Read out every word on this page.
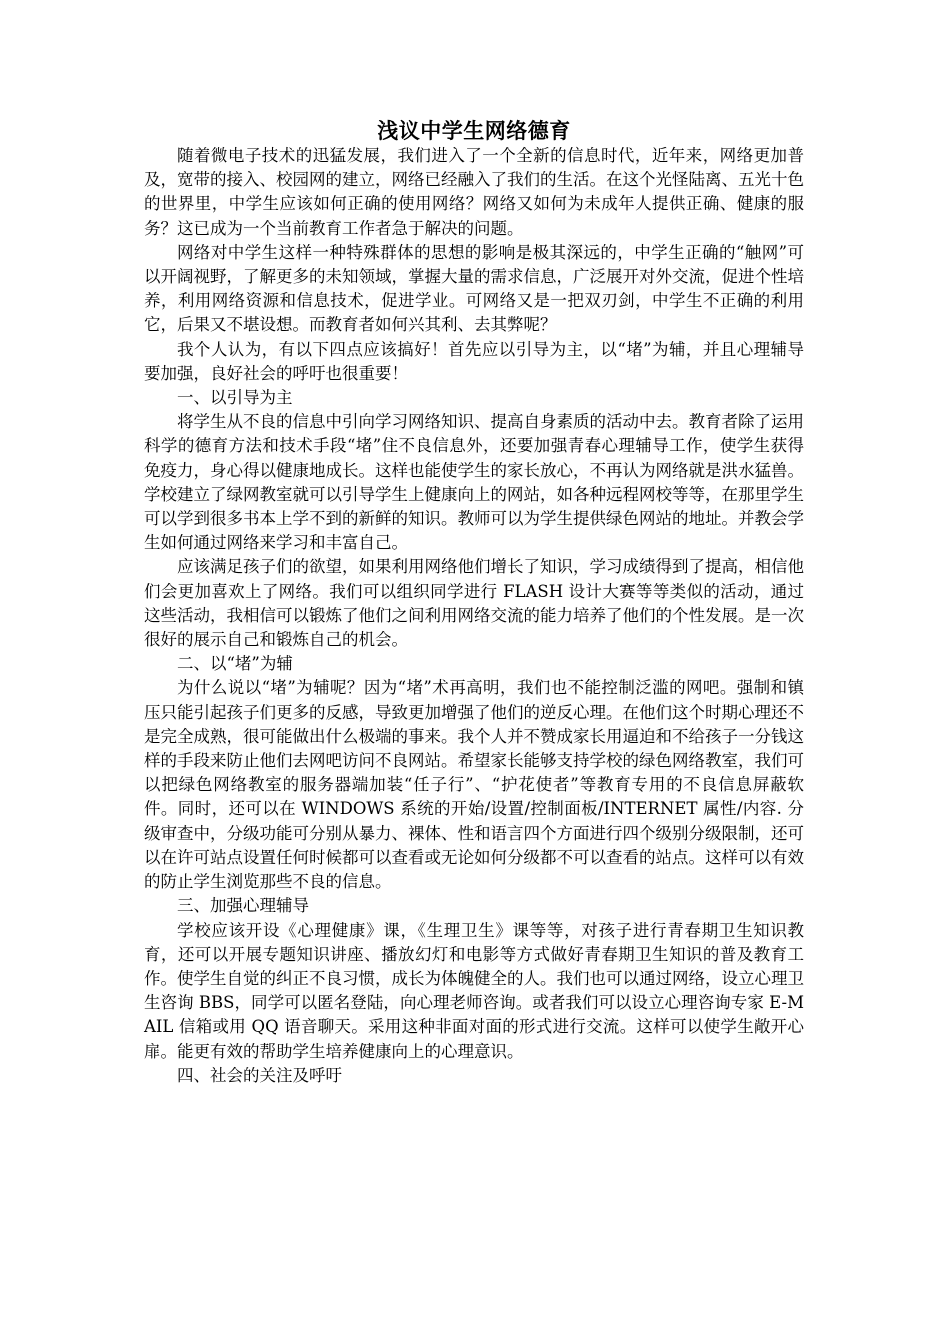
浅议中学生网络德育

随着微电子技术的迅猛发展，我们进入了一个全新的信息时代，近年来，网络更加普及，宽带的接入、校园网的建立，网络已经融入了我们的生活。在这个光怪陆离、五光十色的世界里，中学生应该如何正确的使用网络？网络又如何为未成年人提供正确、健康的服务？这已成为一个当前教育工作者急于解决的问题。

网络对中学生这样一种特殊群体的思想的影响是极其深远的，中学生正确的“触网”可以开阔视野，了解更多的未知领域，掌握大量的需求信息，广泛展开对外交流，促进个性培养，利用网络资源和信息技术，促进学业。可网络又是一把双刃剑，中学生不正确的利用它，后果又不堪设想。而教育者如何兴其利、去其弊呢？

我个人认为，有以下四点应该搞好！首先应以引导为主，以“堵”为辅，并且心理辅导要加强，良好社会的呼吁也很重要！

一、以引导为主

将学生从不良的信息中引向学习网络知识、提高自身素质的活动中去。教育者除了运用科学的德育方法和技术手段“堵”住不良信息外，还要加强青春心理辅导工作，使学生获得免疫力，身心得以健康地成长。这样也能使学生的家长放心，不再认为网络就是洪水猛兽。学校建立了绿网教室就可以引导学生上健康向上的网站，如各种远程网校等等，在那里学生可以学到很多书本上学不到的新鲜的知识。教师可以为学生提供绿色网站的地址。并教会学生如何通过网络来学习和丰富自己。

应该满足孩子们的欲望，如果利用网络他们增长了知识，学习成绩得到了提高，相信他们会更加喜欢上了网络。我们可以组织同学进行 FLASH 设计大赛等等类似的活动，通过这些活动，我相信可以锻炼了他们之间利用网络交流的能力培养了他们的个性发展。是一次很好的展示自己和锻炼自己的机会。

二、以“堵”为辅

为什么说以“堵”为辅呢？因为“堵”术再高明，我们也不能控制泛滥的网吧。强制和镇压只能引起孩子们更多的反感，导致更加增强了他们的逆反心理。在他们这个时期心理还不是完全成熟，很可能做出什么极端的事来。我个人并不赞成家长用逼迫和不给孩子一分钱这样的手段来防止他们去网吧访问不良网站。希望家长能够支持学校的绿色网络教室，我们可以把绿色网络教室的服务器端加装“任子行”、“护花使者”等教育专用的不良信息屏蔽软件。同时，还可以在 WINDOWS 系统的开始/设置/控制面板/INTERNET 属性/内容. 分级审查中，分级功能可分别从暴力、裸体、性和语言四个方面进行四个级别分级限制，还可以在许可站点设置任何时候都可以查看或无论如何分级都不可以查看的站点。这样可以有效的防止学生浏览那些不良的信息。

三、加强心理辅导

学校应该开设《心理健康》课，《生理卫生》课等等，对孩子进行青春期卫生知识教育，还可以开展专题知识讲座、播放幻灯和电影等方式做好青春期卫生知识的普及教育工作。使学生自觉的纠正不良习惯，成长为体魄健全的人。我们也可以通过网络，设立心理卫生咨询 BBS，同学可以匿名登陆，向心理老师咨询。或者我们可以设立心理咨询专家 E-MAIL 信箱或用 QQ 语音聊天。采用这种非面对面的形式进行交流。这样可以使学生敞开心扉。能更有效的帮助学生培养健康向上的心理意识。

四、社会的关注及呼吁
